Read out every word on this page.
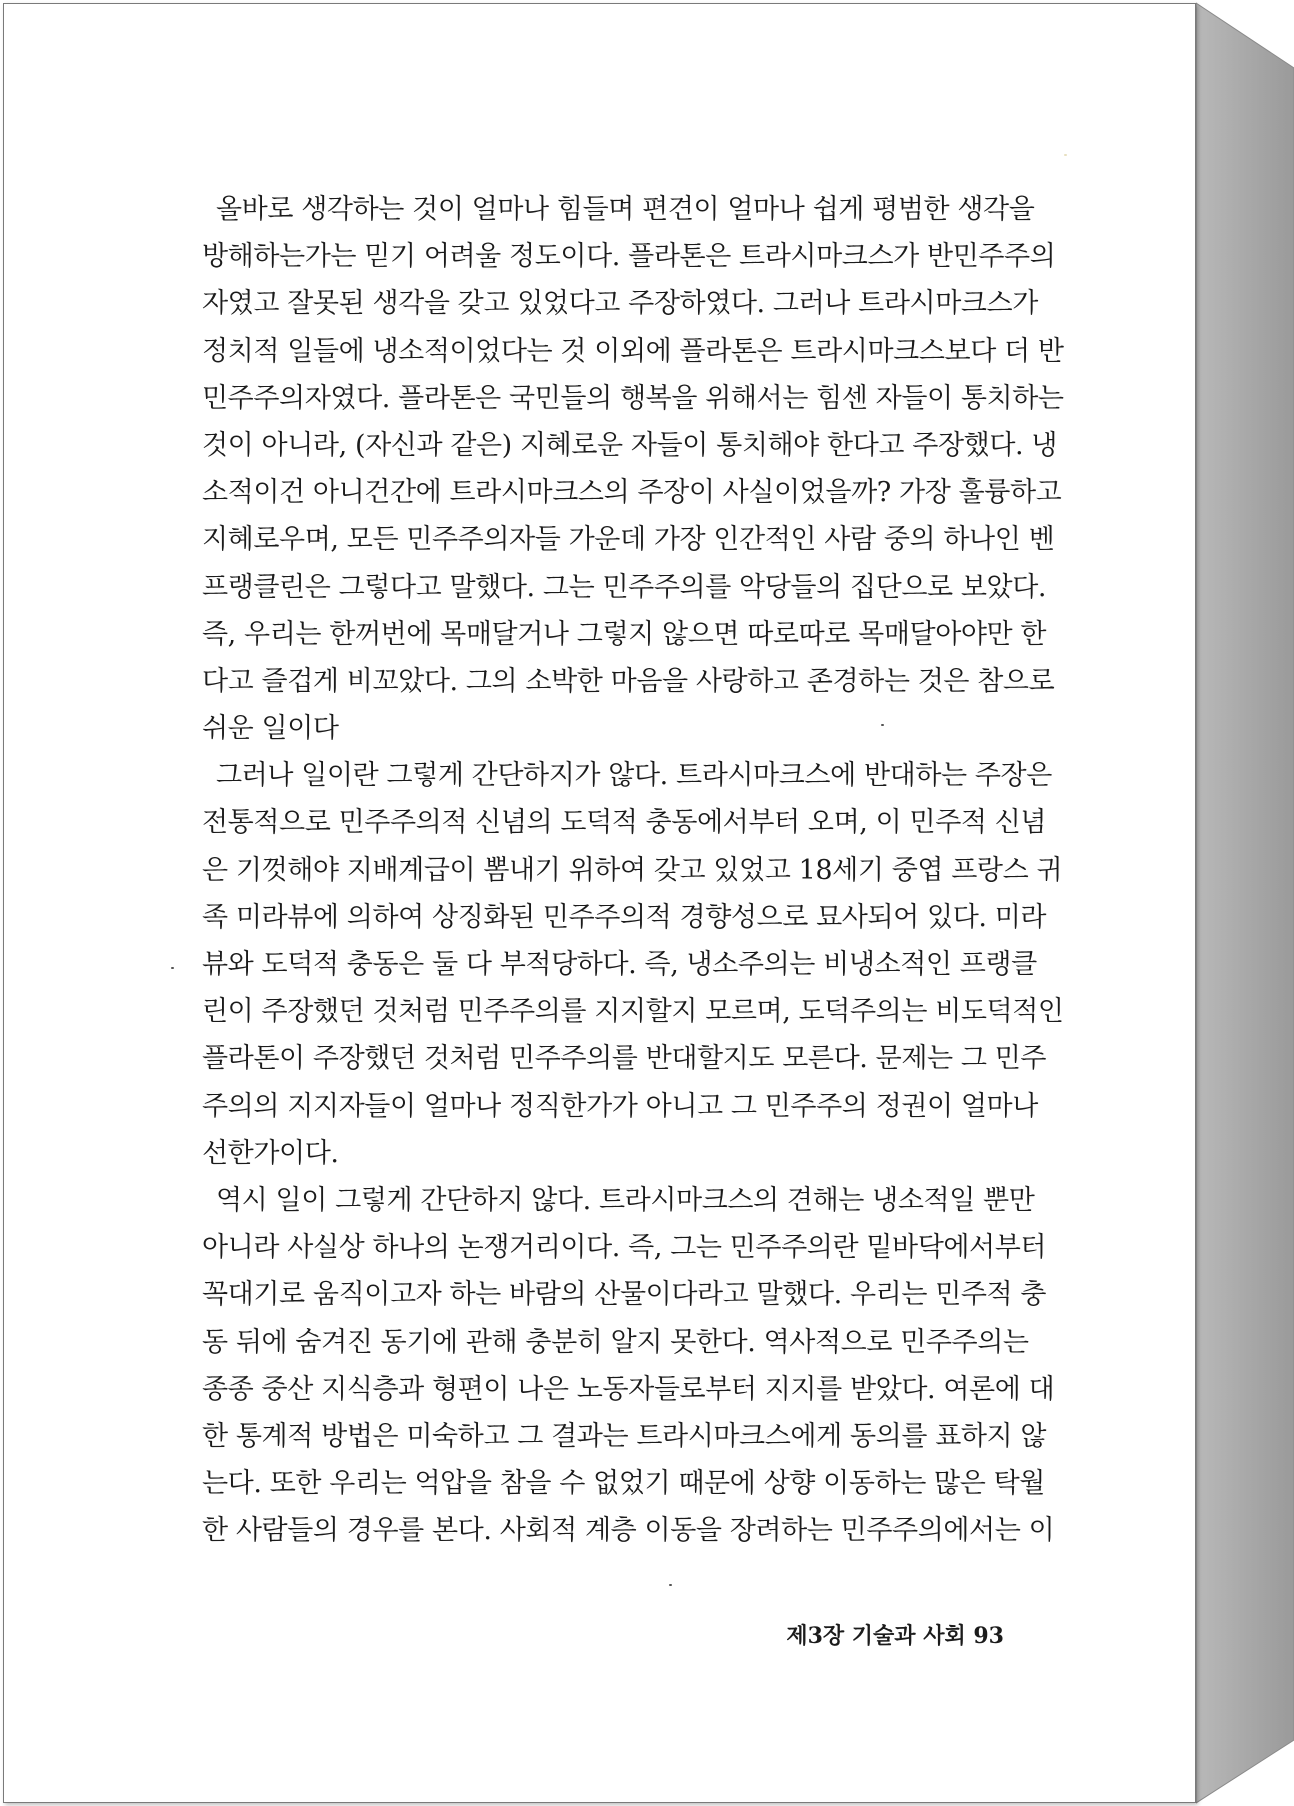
올바로 생각하는 것이 얼마나 힘들며 편견이 얼마나 쉽게 평범한 생각을
방해하는가는 믿기 어려울 정도이다. 플라톤은 트라시마크스가 반민주주의
자였고 잘못된 생각을 갖고 있었다고 주장하였다. 그러나 트라시마크스가
정치적 일들에 냉소적이었다는 것 이외에 플라톤은 트라시마크스보다 더 반
민주주의자였다. 플라톤은 국민들의 행복을 위해서는 힘센 자들이 통치하는
것이 아니라, (자신과 같은) 지혜로운 자들이 통치해야 한다고 주장했다. 냉
소적이건 아니건간에 트라시마크스의 주장이 사실이었을까? 가장 훌륭하고
지혜로우며, 모든 민주주의자들 가운데 가장 인간적인 사람 중의 하나인 벤
프랭클린은 그렇다고 말했다. 그는 민주주의를 악당들의 집단으로 보았다.
즉, 우리는 한꺼번에 목매달거나 그렇지 않으면 따로따로 목매달아야만 한
다고 즐겁게 비꼬았다. 그의 소박한 마음을 사랑하고 존경하는 것은 참으로
쉬운 일이다
그러나 일이란 그렇게 간단하지가 않다. 트라시마크스에 반대하는 주장은
전통적으로 민주주의적 신념의 도덕적 충동에서부터 오며, 이 민주적 신념
은 기껏해야 지배계급이 뽐내기 위하여 갖고 있었고 18세기 중엽 프랑스 귀
족 미라뷰에 의하여 상징화된 민주주의적 경향성으로 묘사되어 있다. 미라
뷰와 도덕적 충동은 둘 다 부적당하다. 즉, 냉소주의는 비냉소적인 프랭클
린이 주장했던 것처럼 민주주의를 지지할지 모르며, 도덕주의는 비도덕적인
플라톤이 주장했던 것처럼 민주주의를 반대할지도 모른다. 문제는 그 민주
주의의 지지자들이 얼마나 정직한가가 아니고 그 민주주의 정권이 얼마나
선한가이다.
역시 일이 그렇게 간단하지 않다. 트라시마크스의 견해는 냉소적일 뿐만
아니라 사실상 하나의 논쟁거리이다. 즉, 그는 민주주의란 밑바닥에서부터
꼭대기로 움직이고자 하는 바람의 산물이다라고 말했다. 우리는 민주적 충
동 뒤에 숨겨진 동기에 관해 충분히 알지 못한다. 역사적으로 민주주의는
종종 중산 지식층과 형편이 나은 노동자들로부터 지지를 받았다. 여론에 대
한 통계적 방법은 미숙하고 그 결과는 트라시마크스에게 동의를 표하지 않
는다. 또한 우리는 억압을 참을 수 없었기 때문에 상향 이동하는 많은 탁월
한 사람들의 경우를 본다. 사회적 계층 이동을 장려하는 민주주의에서는 이
제3장 기술과 사회 93
